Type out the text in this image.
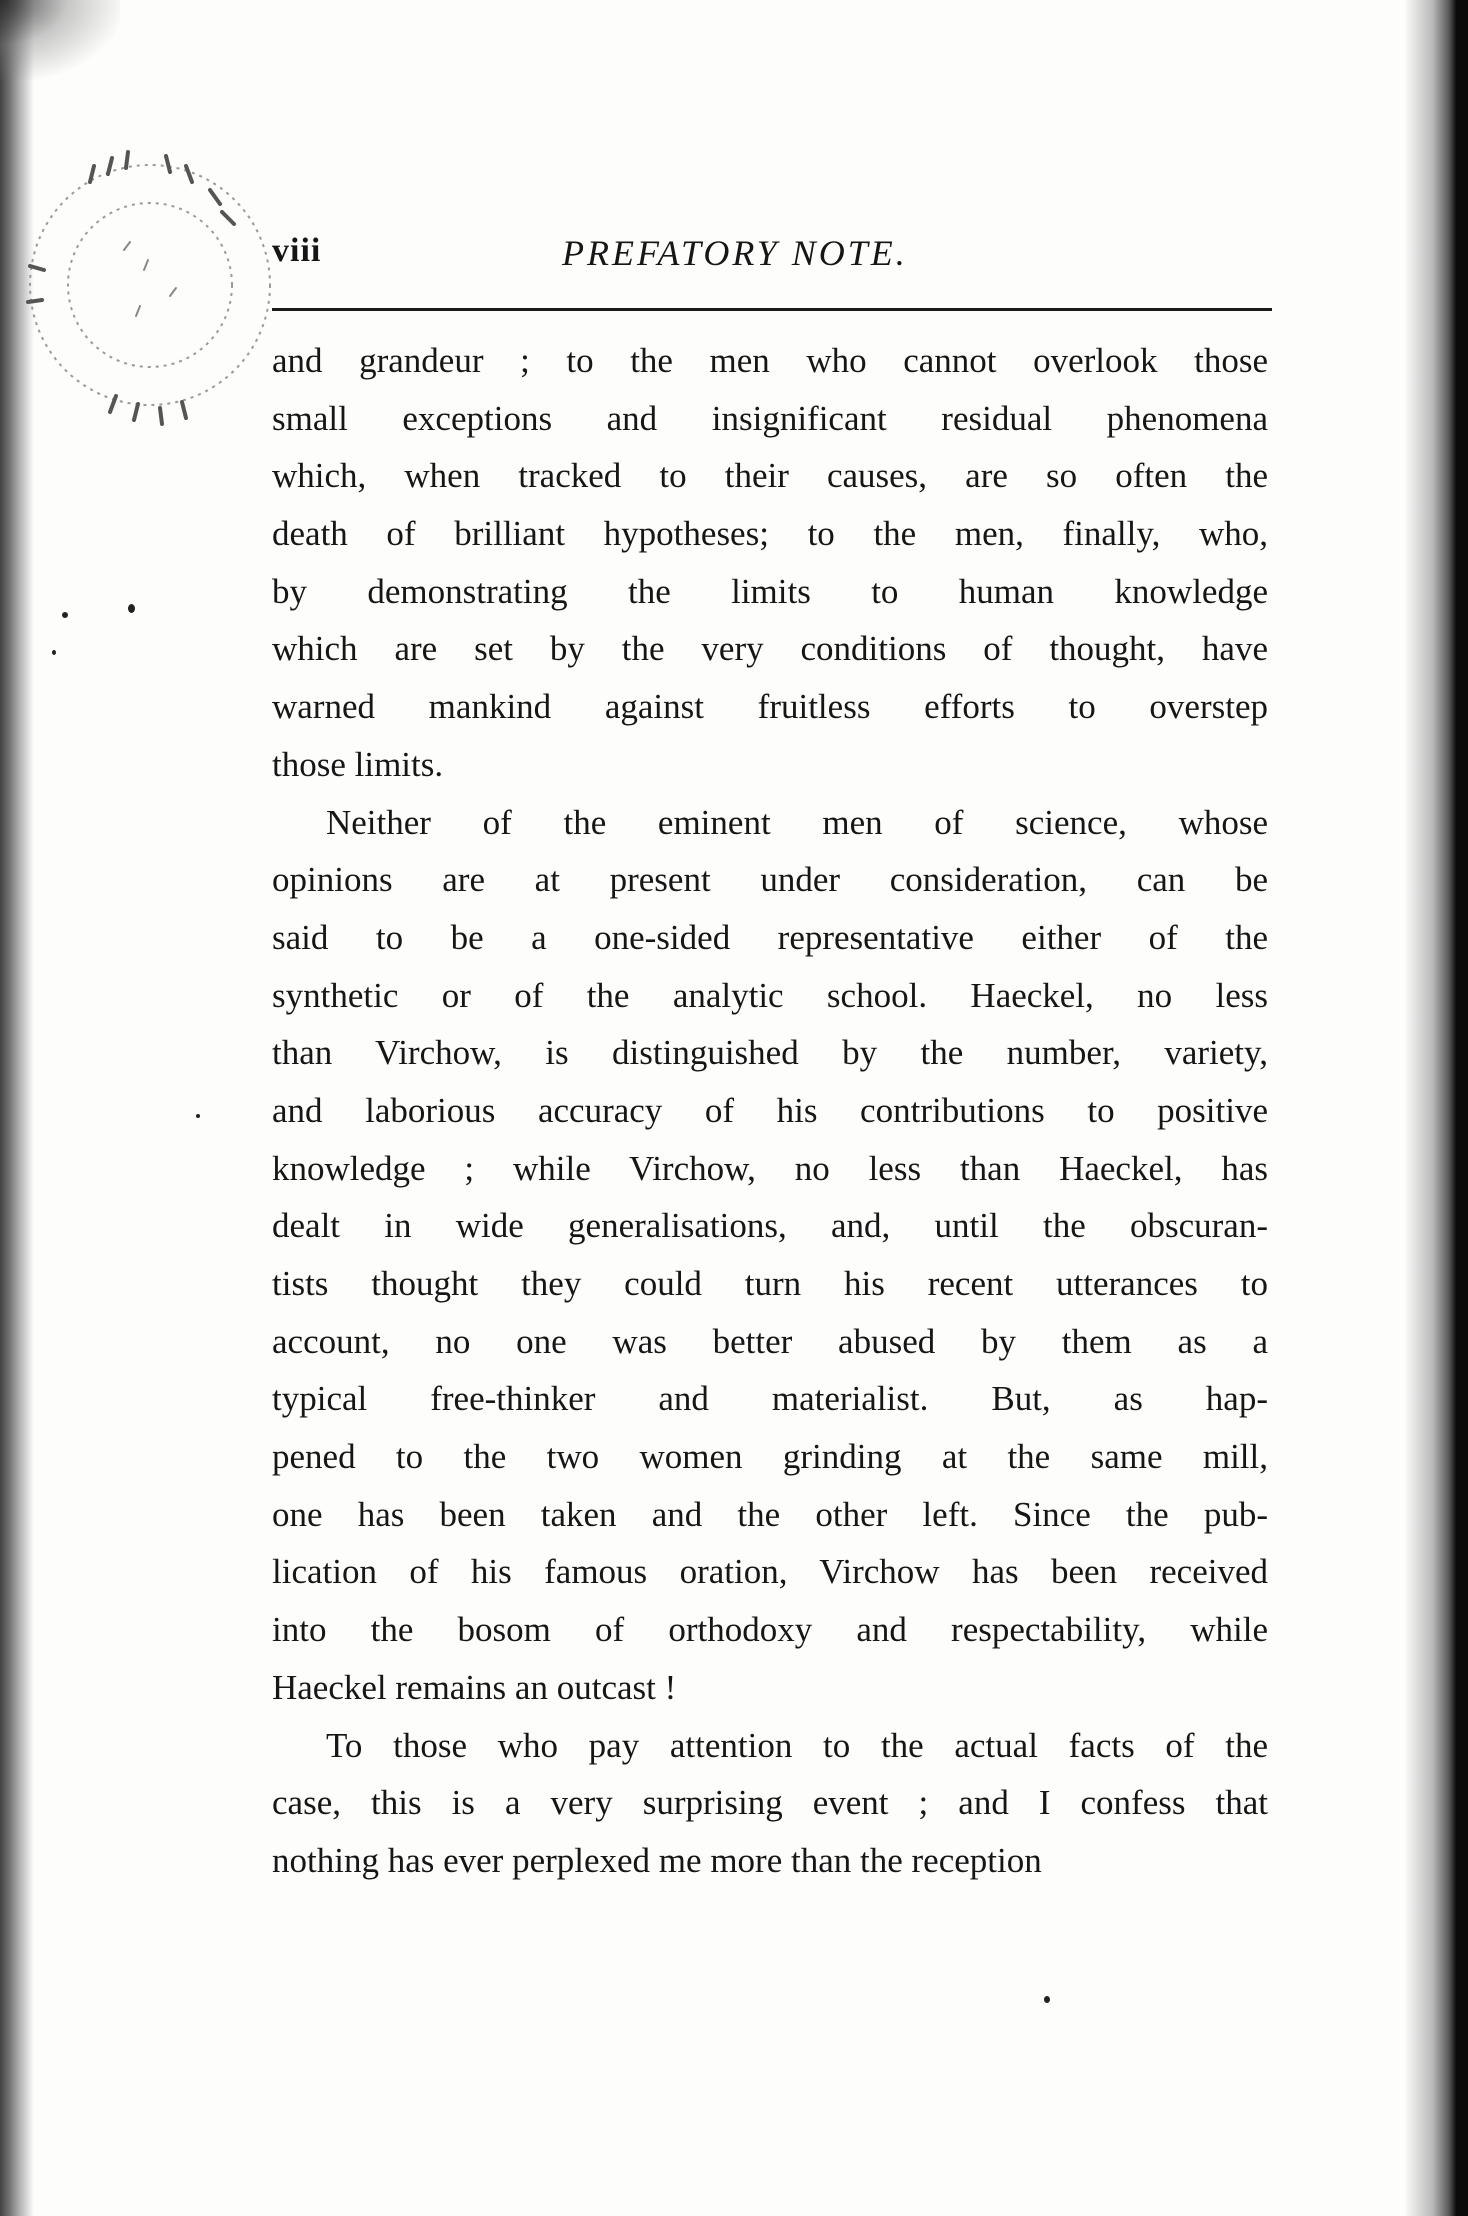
viii	PREFATORY NOTE.
and grandeur ; to the men who cannot overlook those
small exceptions and insignificant residual phenomena
which, when tracked to their causes, are so often the
death of brilliant hypotheses; to the men, finally, who,
by demonstrating the limits to human knowledge
which are set by the very conditions of thought, have
warned mankind against fruitless efforts to overstep
those limits.
Neither of the eminent men of science, whose
opinions are at present under consideration, can be
said to be a one-sided representative either of the
synthetic or of the analytic school. Haeckel, no less
than Virchow, is distinguished by the number, variety,
and laborious accuracy of his contributions to positive
knowledge ; while Virchow, no less than Haeckel, has
dealt in wide generalisations, and, until the obscuran-
tists thought they could turn his recent utterances to
account, no one was better abused by them as a
typical free-thinker and materialist. But, as hap-
pened to the two women grinding at the same mill,
one has been taken and the other left. Since the pub-
lication of his famous oration, Virchow has been received
into the bosom of orthodoxy and respectability, while
Haeckel remains an outcast !
To those who pay attention to the actual facts of the
case, this is a very surprising event ; and I confess that
nothing has ever perplexed me more than the reception
